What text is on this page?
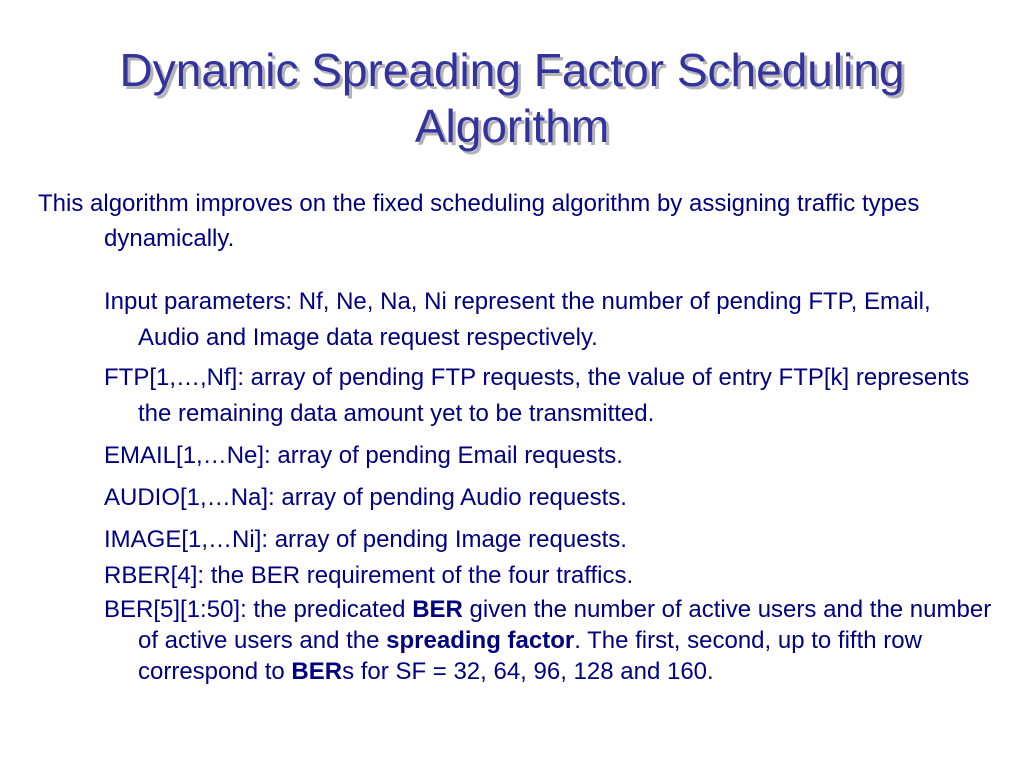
Dynamic Spreading Factor Scheduling Algorithm

This algorithm improves on the fixed scheduling algorithm by assigning traffic types dynamically.

Input parameters: Nf, Ne, Na, Ni represent the number of pending FTP, Email, Audio and Image data request respectively.
FTP[1,…,Nf]: array of pending FTP requests, the value of entry FTP[k] represents the remaining data amount yet to be transmitted.
EMAIL[1,…Ne]: array of pending Email requests.
AUDIO[1,…Na]: array of pending Audio requests.
IMAGE[1,…Ni]: array of pending Image requests.
RBER[4]: the BER requirement of the four traffics.
BER[5][1:50]: the predicated BER given the number of active users and the number of active users and the spreading factor. The first, second, up to fifth row correspond to BERs for SF = 32, 64, 96, 128 and 160.
